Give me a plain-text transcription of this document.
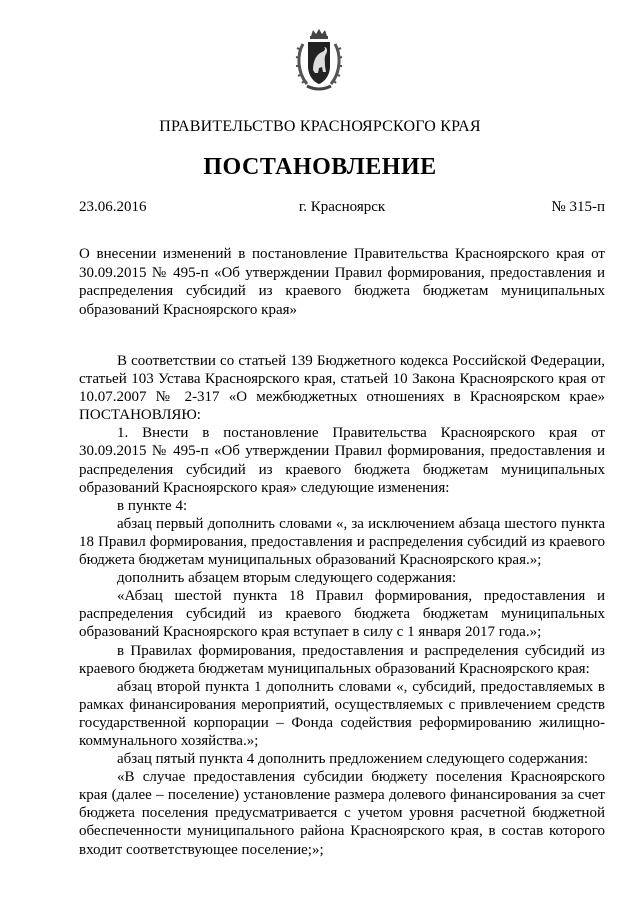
ПРАВИТЕЛЬСТВО КРАСНОЯРСКОГО КРАЯ
ПОСТАНОВЛЕНИЕ
23.06.2016	г. Красноярск	№ 315-п
О внесении изменений в постановление Правительства Красноярского края от 30.09.2015 № 495-п «Об утверждении Правил формирования, предоставления и распределения субсидий из краевого бюджета бюджетам муниципальных образований Красноярского края»

В соответствии со статьей 139 Бюджетного кодекса Российской Федерации, статьей 103 Устава Красноярского края, статьей 10 Закона Красноярского края от 10.07.2007 № 2-317 «О межбюджетных отношениях в Красноярском крае» ПОСТАНОВЛЯЮ:

1. Внести в постановление Правительства Красноярского края от 30.09.2015 № 495-п «Об утверждении Правил формирования, предоставления и распределения субсидий из краевого бюджета бюджетам муниципальных образований Красноярского края» следующие изменения:

в пункте 4:

абзац первый дополнить словами «, за исключением абзаца шестого пункта 18 Правил формирования, предоставления и распределения субсидий из краевого бюджета бюджетам муниципальных образований Красноярского края.»;

дополнить абзацем вторым следующего содержания:

«Абзац шестой пункта 18 Правил формирования, предоставления и распределения субсидий из краевого бюджета бюджетам муниципальных образований Красноярского края вступает в силу с 1 января 2017 года.»;

в Правилах формирования, предоставления и распределения субсидий из краевого бюджета бюджетам муниципальных образований Красноярского края:

абзац второй пункта 1 дополнить словами «, субсидий, предоставляемых в рамках финансирования мероприятий, осуществляемых с привлечением средств государственной корпорации – Фонда содействия реформированию жилищно-коммунального хозяйства.»;

абзац пятый пункта 4 дополнить предложением следующего содержания:

«В случае предоставления субсидии бюджету поселения Красноярского края (далее – поселение) установление размера долевого финансирования за счет бюджета поселения предусматривается с учетом уровня расчетной бюджетной обеспеченности муниципального района Красноярского края, в состав которого входит соответствующее поселение;»;
